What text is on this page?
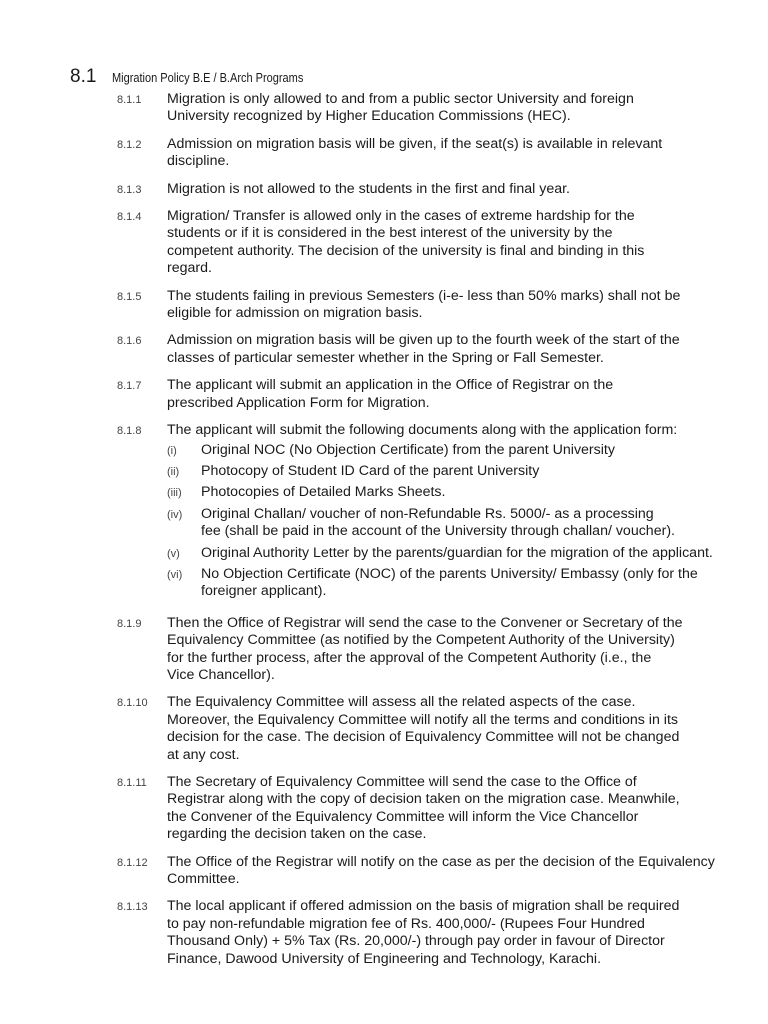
8.1 Migration Policy B.E / B.Arch Programs
8.1.1	Migration is only allowed to and from a public sector University and foreign
University recognized by Higher Education Commissions (HEC).
8.1.2	Admission on migration basis will be given, if the seat(s) is available in relevant
discipline.
8.1.3	Migration is not allowed to the students in the first and final year.
8.1.4	Migration/ Transfer is allowed only in the cases of extreme hardship for the
students or if it is considered in the best interest of the university by the
competent authority. The decision of the university is final and binding in this
regard.
8.1.5	The students failing in previous Semesters (i-e- less than 50% marks) shall not be
eligible for admission on migration basis.
8.1.6	Admission on migration basis will be given up to the fourth week of the start of the
classes of particular semester whether in the Spring or Fall Semester.
8.1.7	The applicant will submit an application in the Office of Registrar on the
prescribed Application Form for Migration.
8.1.8	The applicant will submit the following documents along with the application form:
(i)	Original NOC (No Objection Certificate) from the parent University
(ii)	Photocopy of Student ID Card of the parent University
(iii)	Photocopies of Detailed Marks Sheets.
(iv)	Original Challan/ voucher of non-Refundable Rs. 5000/- as a processing
fee (shall be paid in the account of the University through challan/ voucher).
(v)	Original Authority Letter by the parents/guardian for the migration of the applicant.
(vi)	No Objection Certificate (NOC) of the parents University/ Embassy (only for the
foreigner applicant).
8.1.9	Then the Office of Registrar will send the case to the Convener or Secretary of the
Equivalency Committee (as notified by the Competent Authority of the University)
for the further process, after the approval of the Competent Authority (i.e., the
Vice Chancellor).
8.1.10	The Equivalency Committee will assess all the related aspects of the case.
Moreover, the Equivalency Committee will notify all the terms and conditions in its
decision for the case. The decision of Equivalency Committee will not be changed
at any cost.
8.1.11	The Secretary of Equivalency Committee will send the case to the Office of
Registrar along with the copy of decision taken on the migration case. Meanwhile,
the Convener of the Equivalency Committee will inform the Vice Chancellor
regarding the decision taken on the case.
8.1.12	The Office of the Registrar will notify on the case as per the decision of the Equivalency
Committee.
8.1.13	The local applicant if offered admission on the basis of migration shall be required
to pay non-refundable migration fee of Rs. 400,000/- (Rupees Four Hundred
Thousand Only) + 5% Tax (Rs. 20,000/-) through pay order in favour of Director
Finance, Dawood University of Engineering and Technology, Karachi.
